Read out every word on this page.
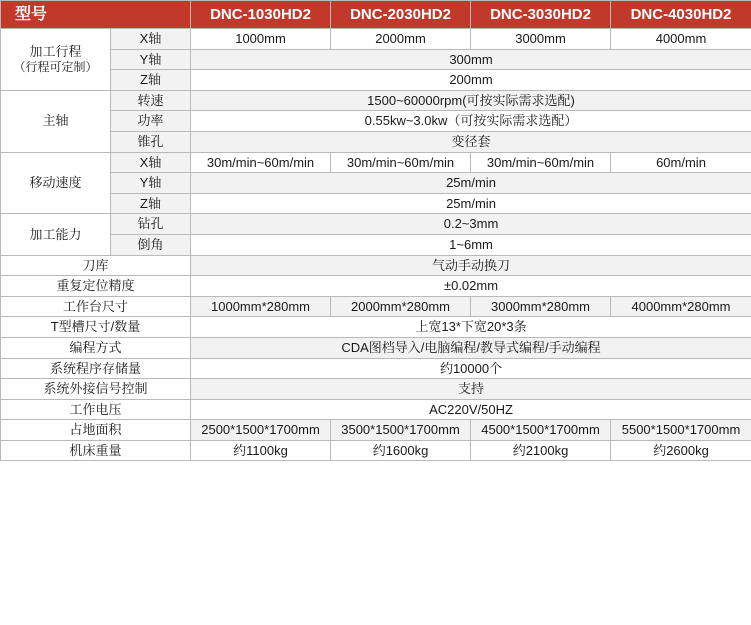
型号		DNC-1030HD2	DNC-2030HD2	DNC-3030HD2	DNC-4030HD2
加工行程
（行程可定制）	X轴	1000mm	2000mm	3000mm	4000mm
	Y轴	300mm			
	Z轴	200mm			
主轴	转速	1500~60000rpm(可按实际需求选配)			
	功率	0.55kw~3.0kw（可按实际需求选配）			
	锥孔	变径套			
移动速度	X轴	30m/min~60m/min	30m/min~60m/min	30m/min~60m/min	60m/min
	Y轴	25m/min			
	Z轴	25m/min			
加工能力	钻孔	0.2~3mm			
	倒角	1~6mm			
刀库		气动手动换刀			
重复定位精度		±0.02mm			
工作台尺寸		1000mm*280mm	2000mm*280mm	3000mm*280mm	4000mm*280mm
T型槽尺寸/数量		上宽13*下宽20*3条			
编程方式		CDA图档导入/电脑编程/教导式编程/手动编程			
系统程序存储量		约10000个			
系统外接信号控制		支持			
工作电压		AC220V/50HZ			
占地面积		2500*1500*1700mm	3500*1500*1700mm	4500*1500*1700mm	5500*1500*1700mm
机床重量		约1100kg	约1600kg	约2100kg	约2600kg
